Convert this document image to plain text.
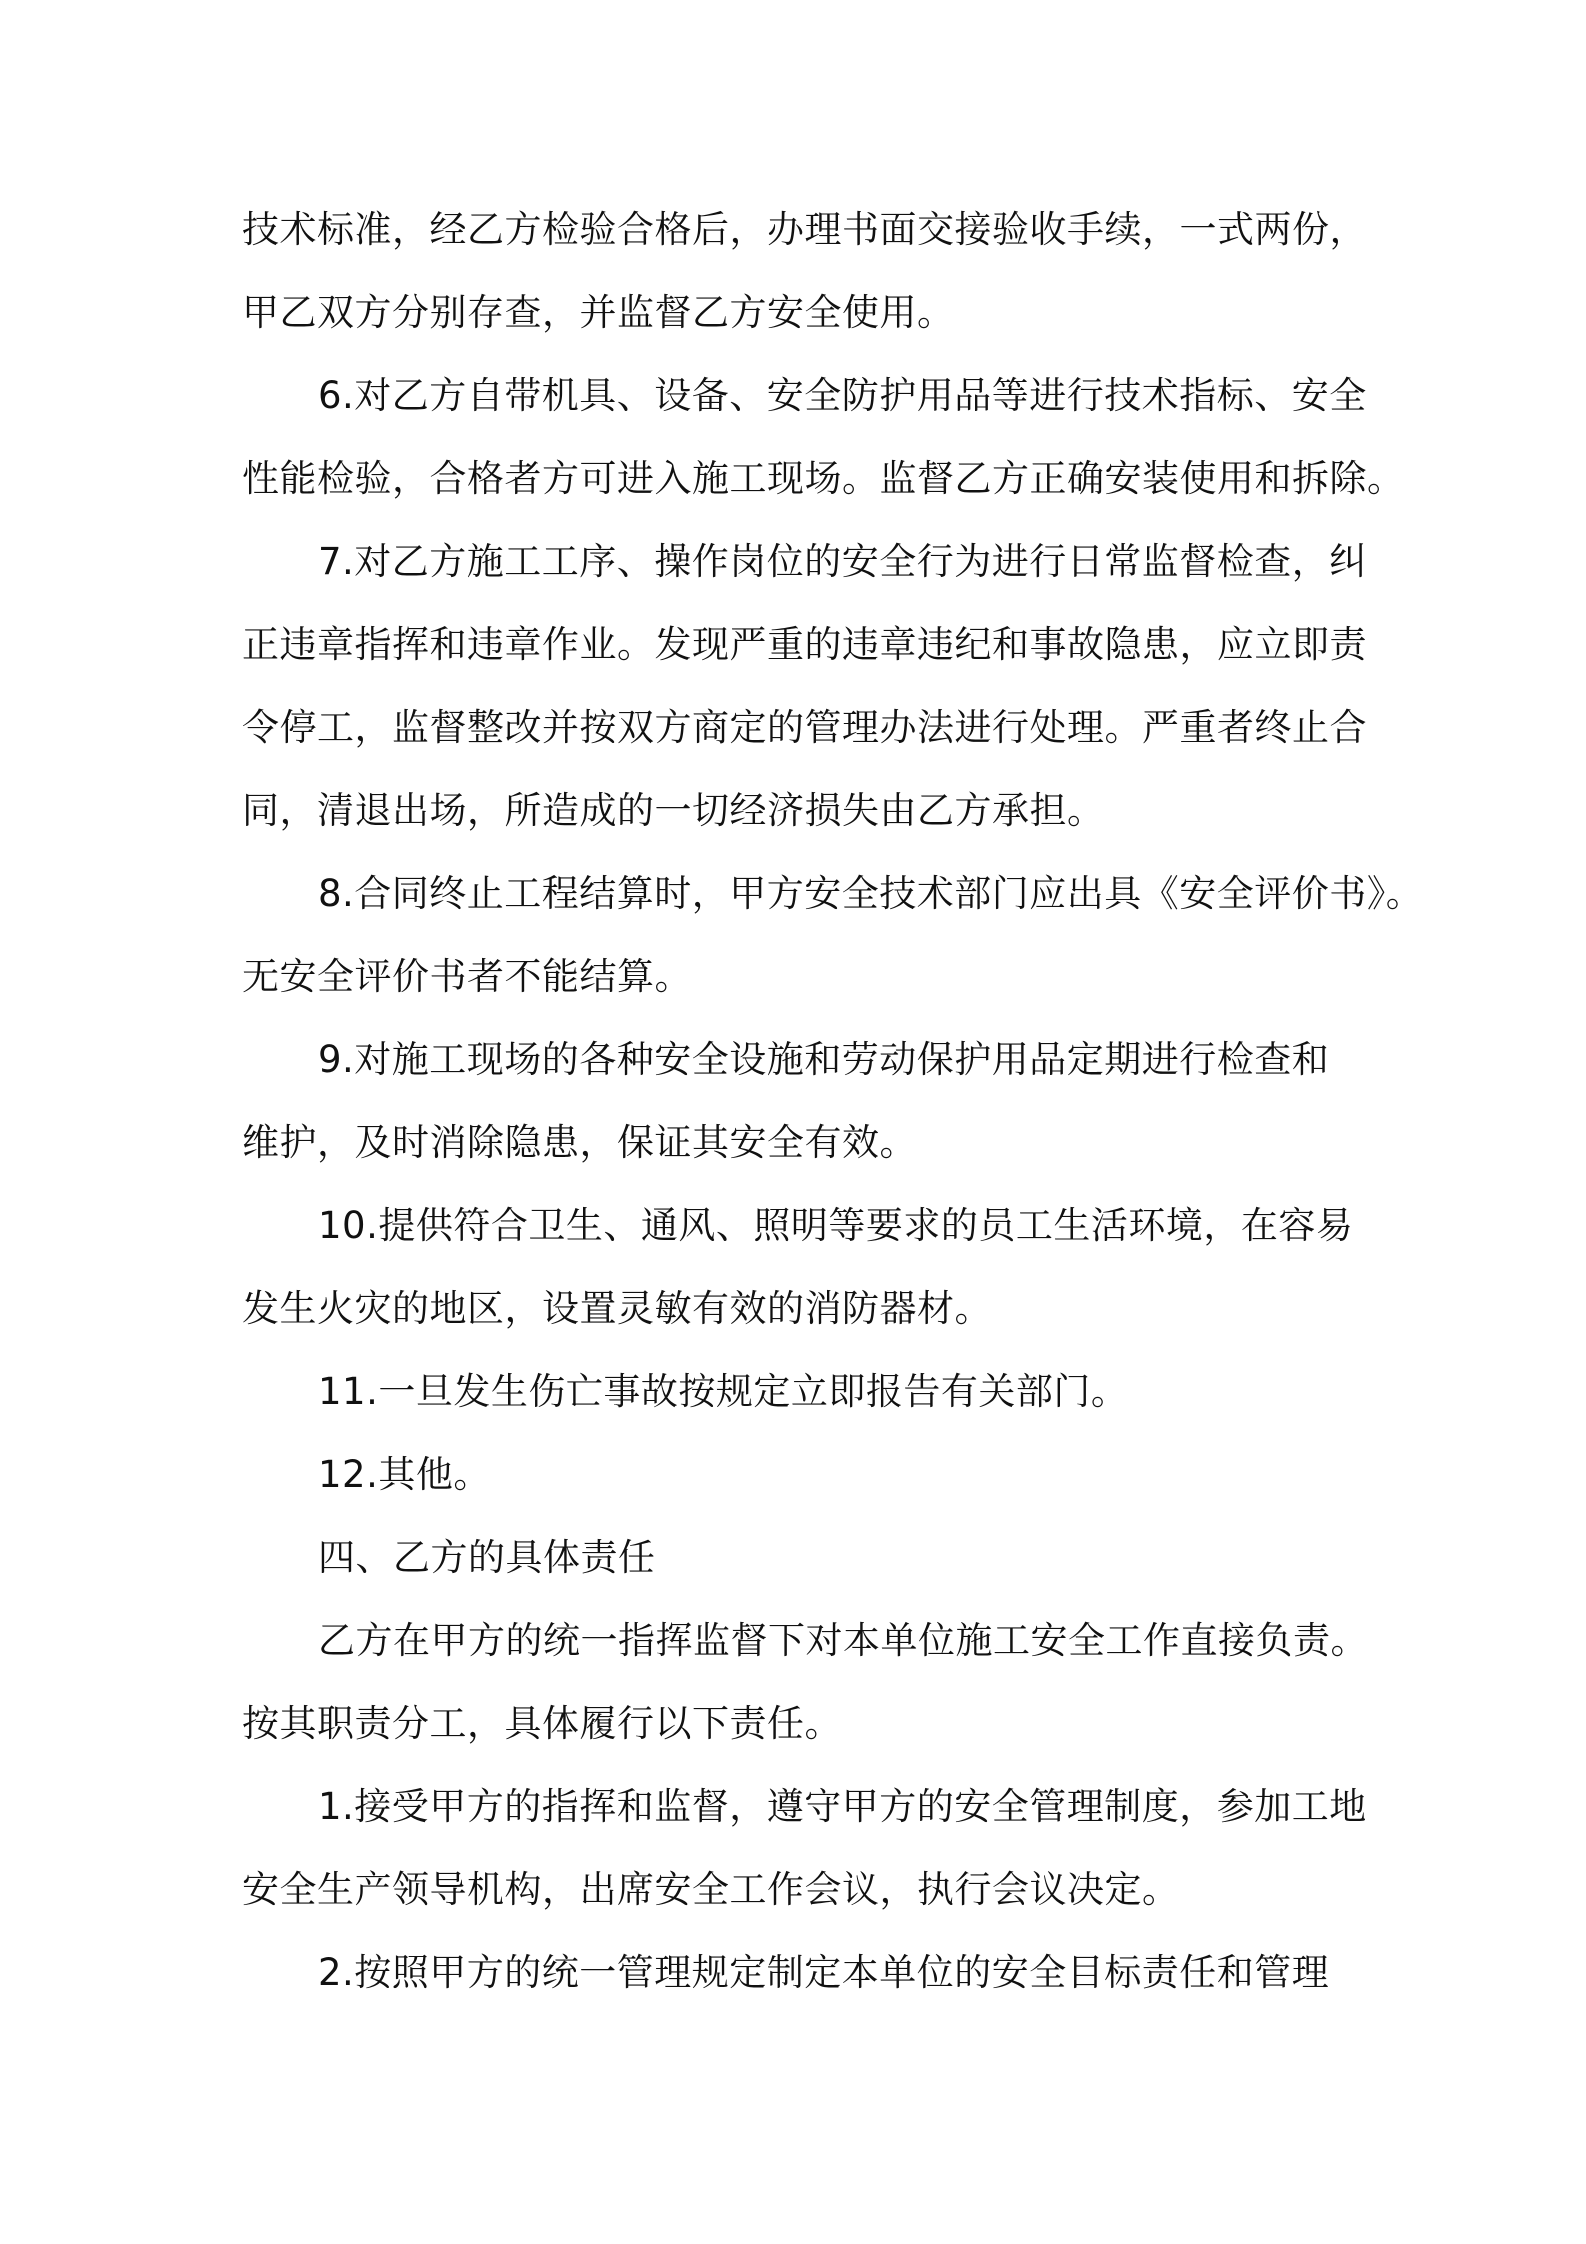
技术标准，经乙方检验合格后，办理书面交接验收手续，一式两份，

甲乙双方分别存查，并监督乙方安全使用。

6.对乙方自带机具、设备、安全防护用品等进行技术指标、安全

性能检验，合格者方可进入施工现场。监督乙方正确安装使用和拆除。

7.对乙方施工工序、操作岗位的安全行为进行日常监督检查，纠

正违章指挥和违章作业。发现严重的违章违纪和事故隐患，应立即责

令停工，监督整改并按双方商定的管理办法进行处理。严重者终止合

同，清退出场，所造成的一切经济损失由乙方承担。

8.合同终止工程结算时，甲方安全技术部门应出具《安全评价书》。

无安全评价书者不能结算。

9.对施工现场的各种安全设施和劳动保护用品定期进行检查和

维护，及时消除隐患，保证其安全有效。

10.提供符合卫生、通风、照明等要求的员工生活环境，在容易

发生火灾的地区，设置灵敏有效的消防器材。

11.一旦发生伤亡事故按规定立即报告有关部门。

12.其他。

四、乙方的具体责任

乙方在甲方的统一指挥监督下对本单位施工安全工作直接负责。

按其职责分工，具体履行以下责任。

1.接受甲方的指挥和监督，遵守甲方的安全管理制度，参加工地

安全生产领导机构，出席安全工作会议，执行会议决定。

2.按照甲方的统一管理规定制定本单位的安全目标责任和管理
